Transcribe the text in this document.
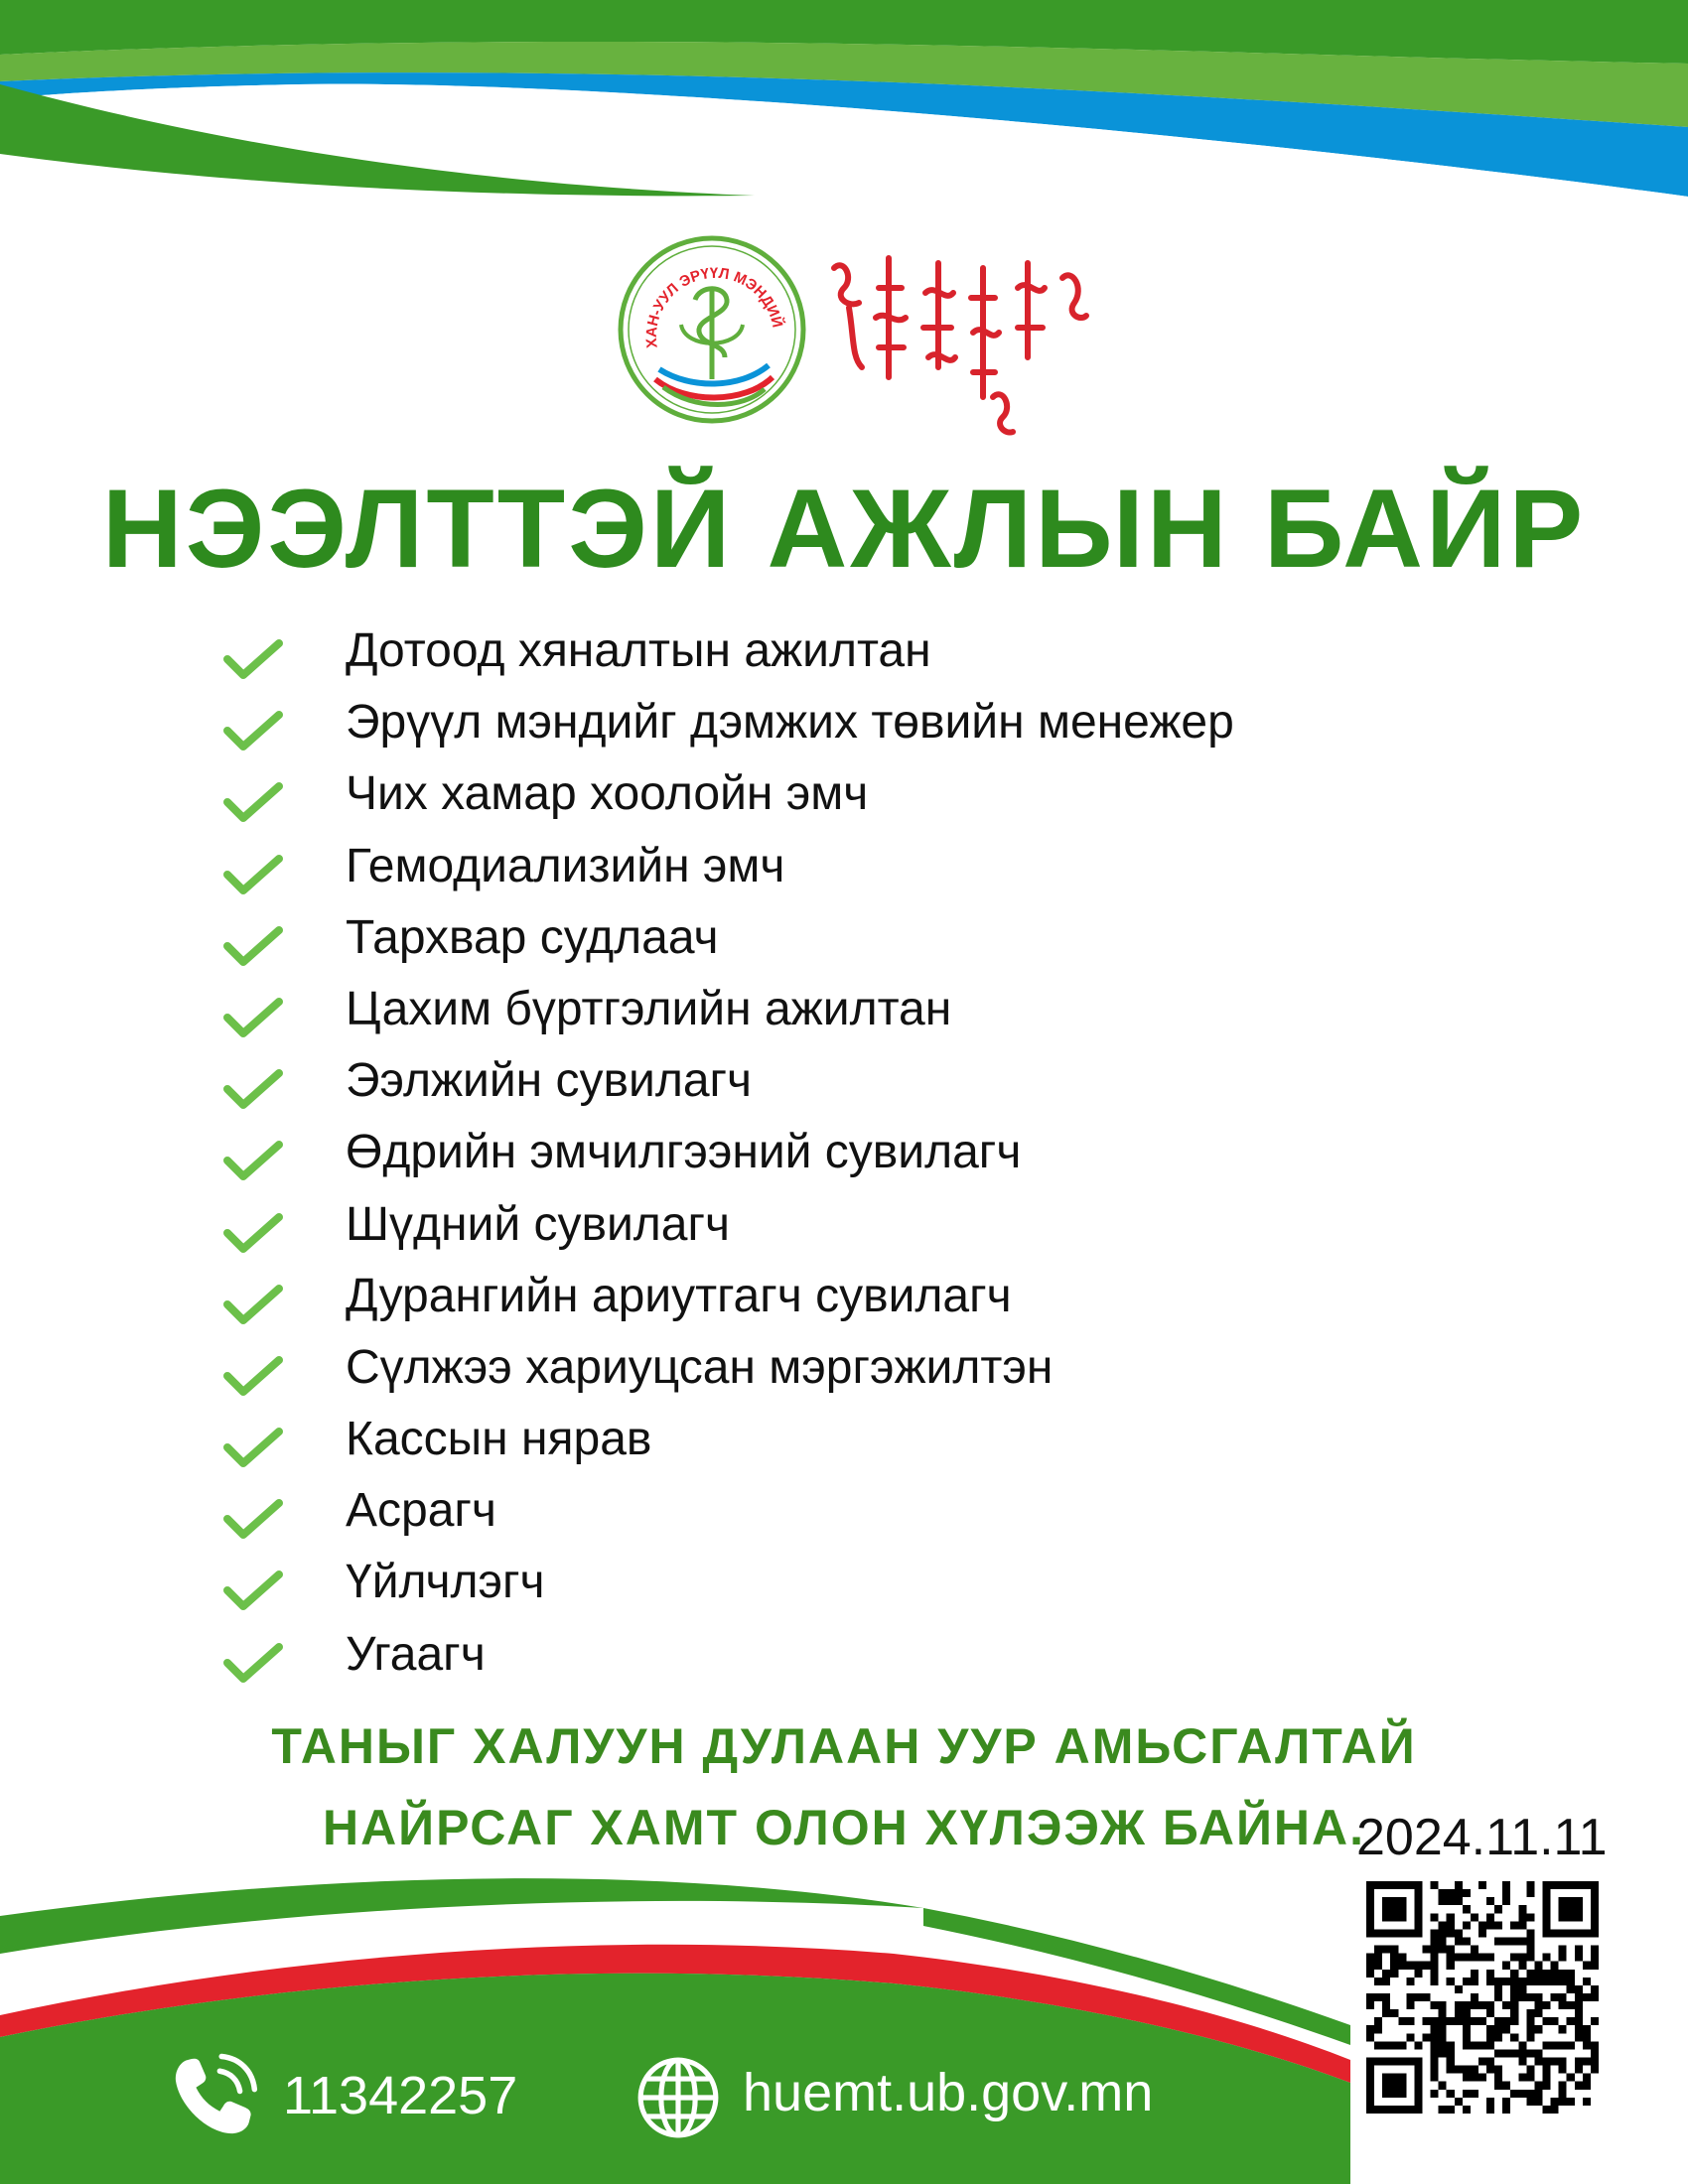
ХАН-УУЛ ЭРҮҮЛ МЭНДИЙ
НЭЭЛТТЭЙ АЖЛЫН БАЙР
Дотоод хяналтын ажилтан
Эрүүл мэндийг дэмжих төвийн менежер
Чих хамар хоолойн эмч
Гемодиализийн эмч
Тархвар судлаач
Цахим бүртгэлийн ажилтан
Ээлжийн сувилагч
Өдрийн эмчилгээний сувилагч
Шүдний сувилагч
Дурангийн ариутгагч сувилагч
Сүлжээ хариуцсан мэргэжилтэн
Кассын нярав
Асрагч
Үйлчлэгч
Угаагч
ТАНЫГ ХАЛУУН ДУЛААН УУР АМЬСГАЛТАЙ
НАЙРСАГ ХАМТ ОЛОН ХҮЛЭЭЖ БАЙНА.
2024.11.11
11342257	huemt.ub.gov.mn
